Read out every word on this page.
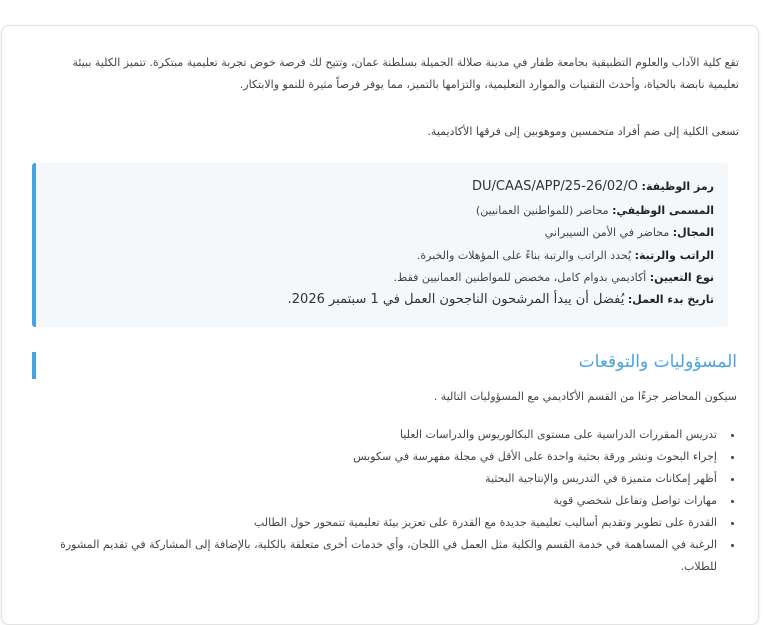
تقع كلية الآداب والعلوم التطبيقية بجامعة ظفار في مدينة صلالة الجميلة بسلطنة عمان، وتتيح لك فرصة خوض تجربة تعليمية مبتكرة. تتميز الكلية ببيئة تعليمية نابضة بالحياة، وأحدث التقنيات والموارد التعليمية، والتزامها بالتميز، مما يوفر فرصاً مثيرة للنمو والابتكار.

تسعى الكلية إلى ضم أفراد متحمسين وموهوبين إلى فرقها الأكاديمية.

رمز الوظيفة: DU/CAAS/APP/25-26/02/O
المسمى الوظيفي: محاضر (للمواطنين العمانيين)
المجال: محاضر في الأمن السيبراني
الراتب والرتبة: يُحدد الراتب والرتبة بناءً على المؤهلات والخبرة.
نوع التعيين: أكاديمي بدوام كامل، مخصص للمواطنين العمانيين فقط.
تاريخ بدء العمل: يُفضل أن يبدأ المرشحون الناجحون العمل في 1 سبتمبر 2026.
المسؤوليات والتوقعات

سيكون المحاضر جزءًا من القسم الأكاديمي مع المسؤوليات التالية .

• تدريس المقررات الدراسية على مستوى البكالوريوس والدراسات العليا
• إجراء البحوث ونشر ورقة بحثية واحدة على الأقل في مجلة مفهرسة في سكوبس
• أظهر إمكانات متميزة في التدريس والإنتاجية البحثية
• مهارات تواصل وتفاعل شخصي قوية
• القدرة على تطوير وتقديم أساليب تعليمية جديدة مع القدرة على تعزيز بيئة تعليمية تتمحور حول الطالب
• الرغبة في المساهمة في خدمة القسم والكلية مثل العمل في اللجان، وأي خدمات أخرى متعلقة بالكلية، بالإضافة إلى المشاركة في تقديم المشورة للطلاب.
